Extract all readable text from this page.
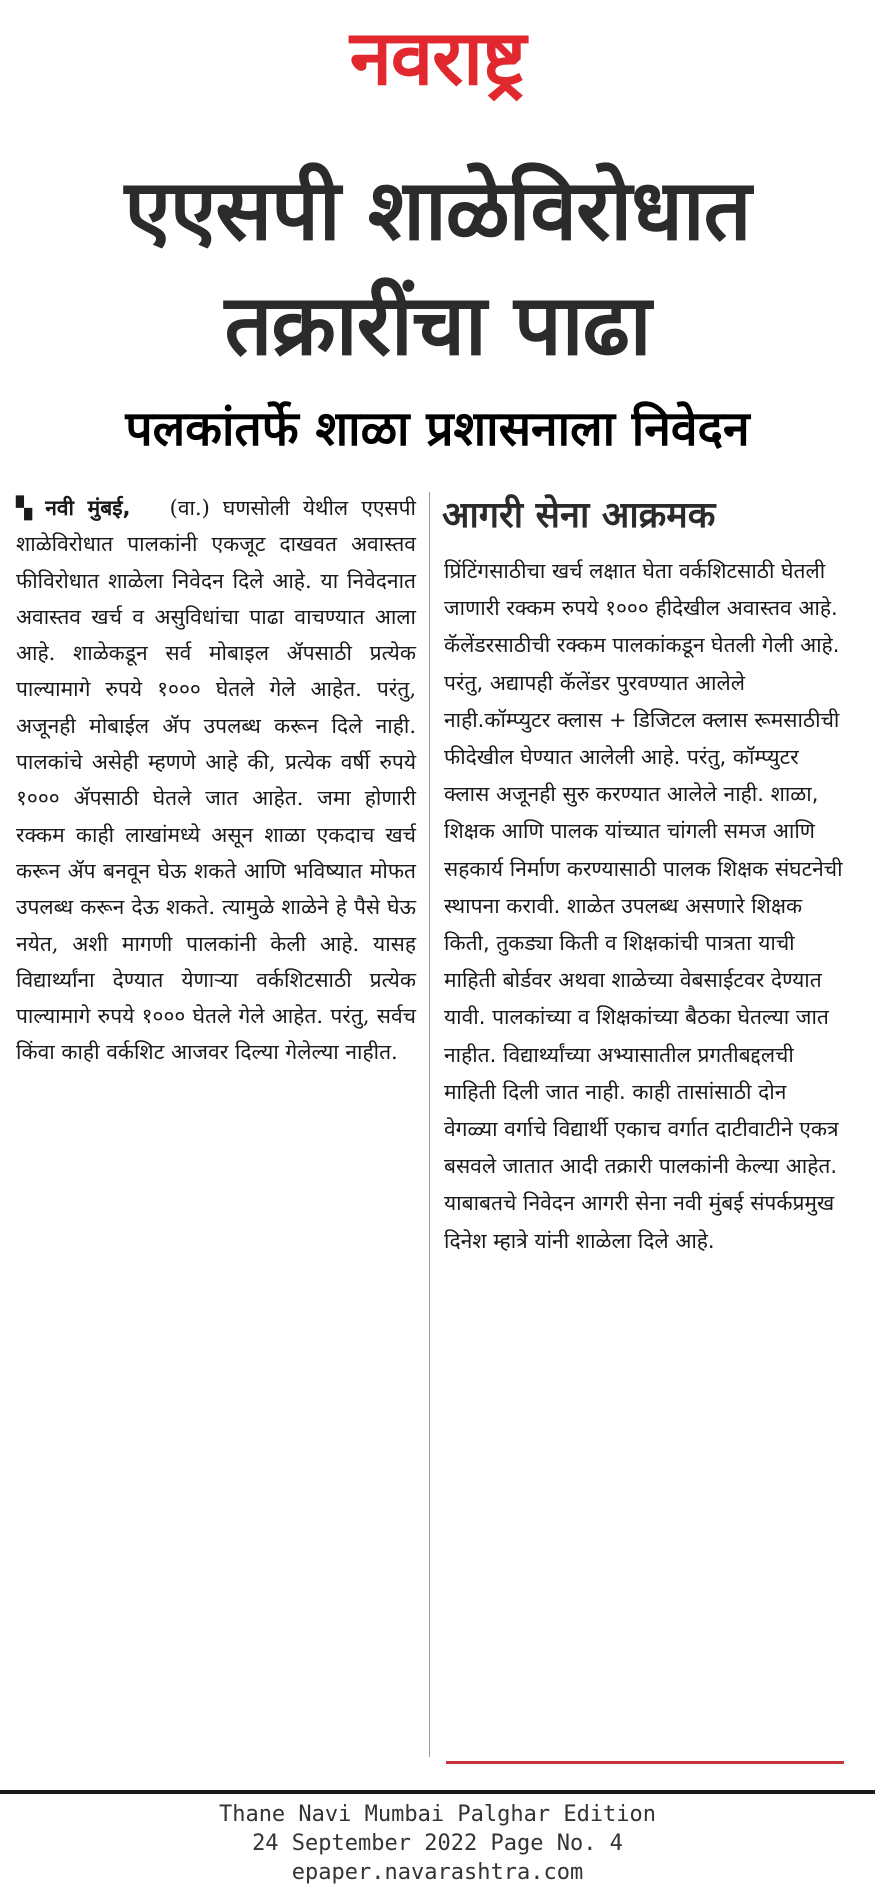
नवराष्ट्र
एएसपी शाळेविरोधात
तक्रारींचा पाढा
पलकांतर्फे शाळा प्रशासनाला निवेदन
▚ नवी मुंबई, (वा.) घणसोली येथील एएसपी शाळेविरोधात पालकांनी एकजूट दाखवत अवास्तव फीविरोधात शाळेला निवेदन दिले आहे. या निवेदनात अवास्तव खर्च व असुविधांचा पाढा वाचण्यात आला आहे. शाळेकडून सर्व मोबाइल ॲपसाठी प्रत्येक पाल्यामागे रुपये १००० घेतले गेले आहेत. परंतु, अजूनही मोबाईल ॲप उपलब्ध करून दिले नाही. पालकांचे असेही म्हणणे आहे की, प्रत्येक वर्षी रुपये १००० ॲपसाठी घेतले जात आहेत. जमा होणारी रक्कम काही लाखांमध्ये असून शाळा एकदाच खर्च करून ॲप बनवून घेऊ शकते आणि भविष्यात मोफत उपलब्ध करून देऊ शकते. त्यामुळे शाळेने हे पैसे घेऊ नयेत, अशी मागणी पालकांनी केली आहे. यासह विद्यार्थ्यांना देण्यात येणाऱ्या वर्कशिटसाठी प्रत्येक पाल्यामागे रुपये १००० घेतले गेले आहेत. परंतु, सर्वच किंवा काही वर्कशिट आजवर दिल्या गेलेल्या नाहीत.
आगरी सेना आक्रमक
प्रिंटिंगसाठीचा खर्च लक्षात घेता वर्कशिटसाठी घेतली जाणारी रक्कम रुपये १००० हीदेखील अवास्तव आहे. कॅलेंडरसाठीची रक्कम पालकांकडून घेतली गेली आहे. परंतु, अद्यापही कॅलेंडर पुरवण्यात आलेले नाही.कॉम्प्युटर क्लास + डिजिटल क्लास रूमसाठीची फीदेखील घेण्यात आलेली आहे. परंतु, कॉम्प्युटर क्लास अजूनही सुरु करण्यात आलेले नाही. शाळा, शिक्षक आणि पालक यांच्यात चांगली समज आणि सहकार्य निर्माण करण्यासाठी पालक शिक्षक संघटनेची स्थापना करावी. शाळेत उपलब्ध असणारे शिक्षक किती, तुकड्या किती व शिक्षकांची पात्रता याची माहिती बोर्डवर अथवा शाळेच्या वेबसाईटवर देण्यात यावी. पालकांच्या व शिक्षकांच्या बैठका घेतल्या जात नाहीत. विद्यार्थ्यांच्या अभ्यासातील प्रगतीबद्दलची माहिती दिली जात नाही. काही तासांसाठी दोन वेगळ्या वर्गाचे विद्यार्थी एकाच वर्गात दाटीवाटीने एकत्र बसवले जातात आदी तक्रारी पालकांनी केल्या आहेत. याबाबतचे निवेदन आगरी सेना नवी मुंबई संपर्कप्रमुख दिनेश म्हात्रे यांनी शाळेला दिले आहे.
Thane Navi Mumbai Palghar Edition
24 September 2022 Page No. 4
epaper.navarashtra.com
